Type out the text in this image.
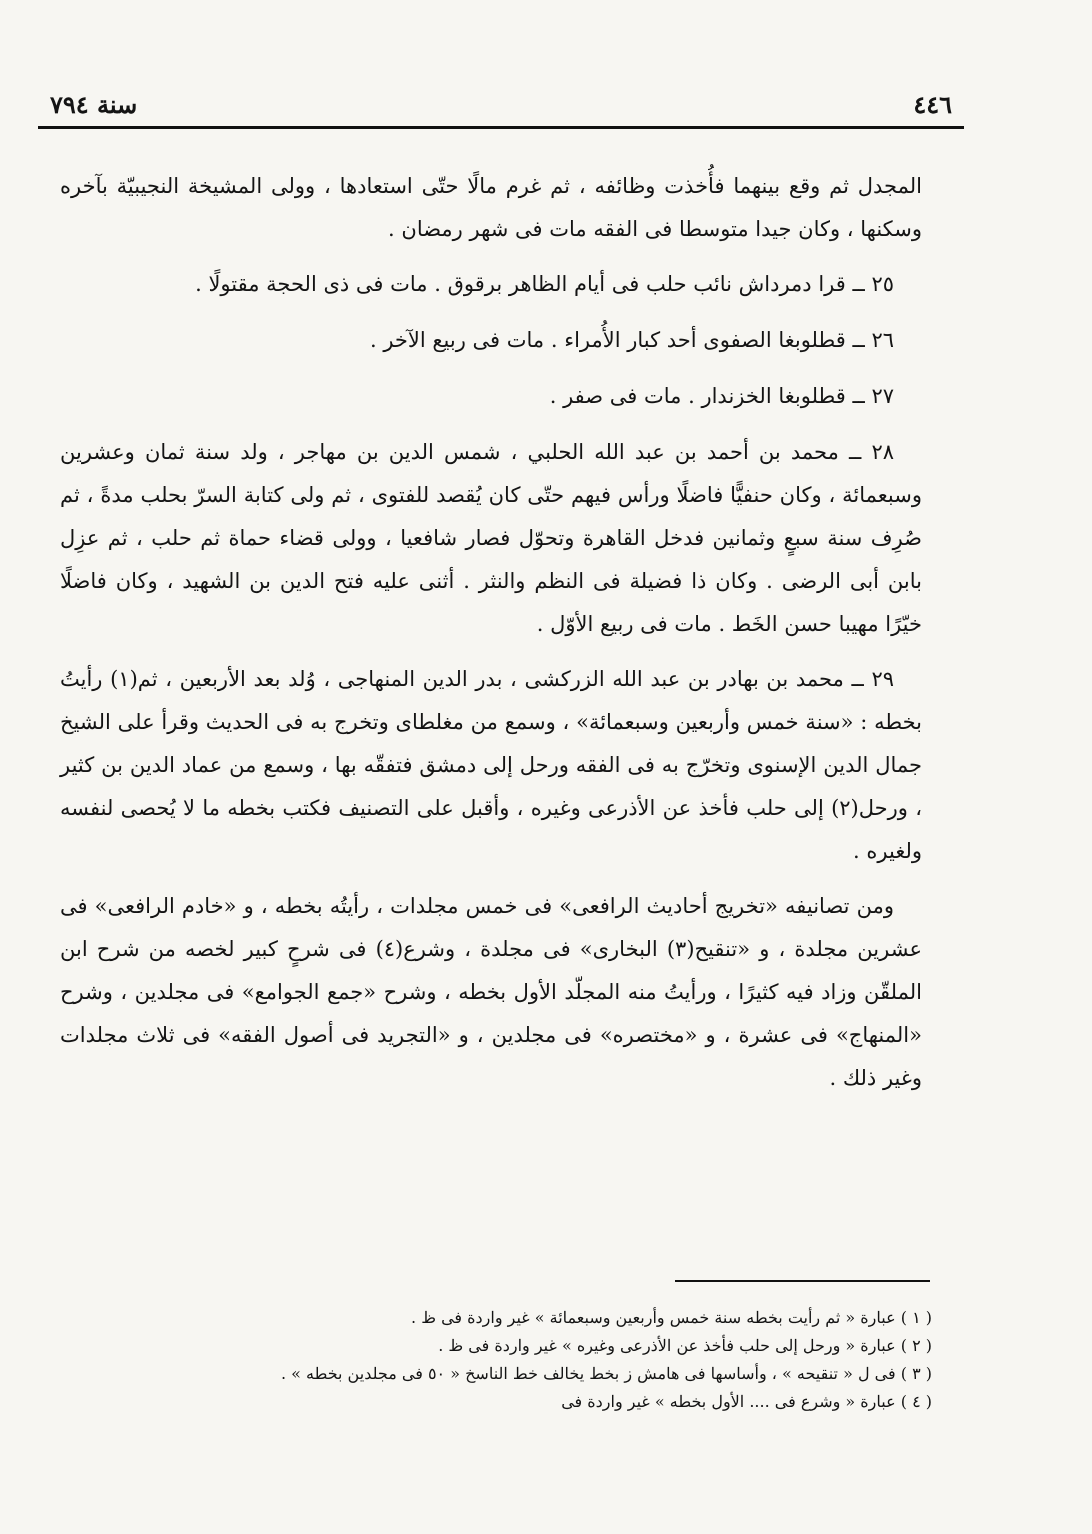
٤٤٦
سنة ٧٩٤

المجدل ثم وقع بينهما فأُخذت وظائفه ، ثم غرم مالًا حتّى استعادها ، وولى المشيخة النجيبيّة بآخره وسكنها ، وكان جيدا متوسطا فى الفقه مات فى شهر رمضان .

٢٥ ــ قرا دمرداش نائب حلب فى أيام الظاهر برقوق . مات فى ذى الحجة مقتولًا .

٢٦ ــ قطلوبغا الصفوى أحد كبار الأُمراء . مات فى ربيع الآخر .

٢٧ ــ قطلوبغا الخزندار . مات فى صفر .

٢٨ ــ محمد بن أحمد بن عبد الله الحلبي ، شمس الدين بن مهاجر ، ولد سنة ثمان وعشرين وسبعمائة ، وكان حنفيًّا فاضلًا ورأس فيهم حتّى كان يُقصد للفتوى ، ثم ولى كتابة السرّ بحلب مدةً ، ثم صُرِف سنة سبعٍ وثمانين فدخل القاهرة وتحوّل فصار شافعيا ، وولى قضاء حماة ثم حلب ، ثم عزِل بابن أبى الرضى . وكان ذا فضيلة فى النظم والنثر . أثنى عليه فتح الدين بن الشهيد ، وكان فاضلًا خيّرًا مهيبا حسن الخَط . مات فى ربيع الأوّل .

٢٩ ــ محمد بن بهادر بن عبد الله الزركشى ، بدر الدين المنهاجى ، وُلد بعد الأربعين ، ثم(١) رأيتُ بخطه : «سنة خمس وأربعين وسبعمائة» ، وسمع من مغلطاى وتخرج به فى الحديث وقرأ على الشيخ جمال الدين الإسنوى وتخرّج به فى الفقه ورحل إلى دمشق فتفقّه بها ، وسمع من عماد الدين بن كثير ، ورحل(٢) إلى حلب فأخذ عن الأذرعى وغيره ، وأقبل على التصنيف فكتب بخطه ما لا يُحصى لنفسه ولغيره .

ومن تصانيفه «تخريج أحاديث الرافعى» فى خمس مجلدات ، رأيتُه بخطه ، و «خادم الرافعى» فى عشرين مجلدة ، و «تنقيح(٣) البخارى» فى مجلدة ، وشرع(٤) فى شرحٍ كبير لخصه من شرح ابن الملقّن وزاد فيه كثيرًا ، ورأيتُ منه المجلّد الأول بخطه ، وشرح «جمع الجوامع» فى مجلدين ، وشرح «المنهاج» فى عشرة ، و «مختصره» فى مجلدين ، و «التجريد فى أصول الفقه» فى ثلاث مجلدات وغير ذلك .

( ١ ) عبارة « ثم رأيت بخطه سنة خمس وأربعين وسبعمائة » غير واردة فى ظ .
( ٢ ) عبارة « ورحل إلى حلب فأخذ عن الأذرعى وغيره » غير واردة فى ظ .
( ٣ ) فى ل « تنقيحه » ، وأساسها فى هامش ز بخط يخالف خط الناسخ « ٥٠ فى مجلدين بخطه » .
( ٤ ) عبارة « وشرع فى .... الأول بخطه » غير واردة فى
